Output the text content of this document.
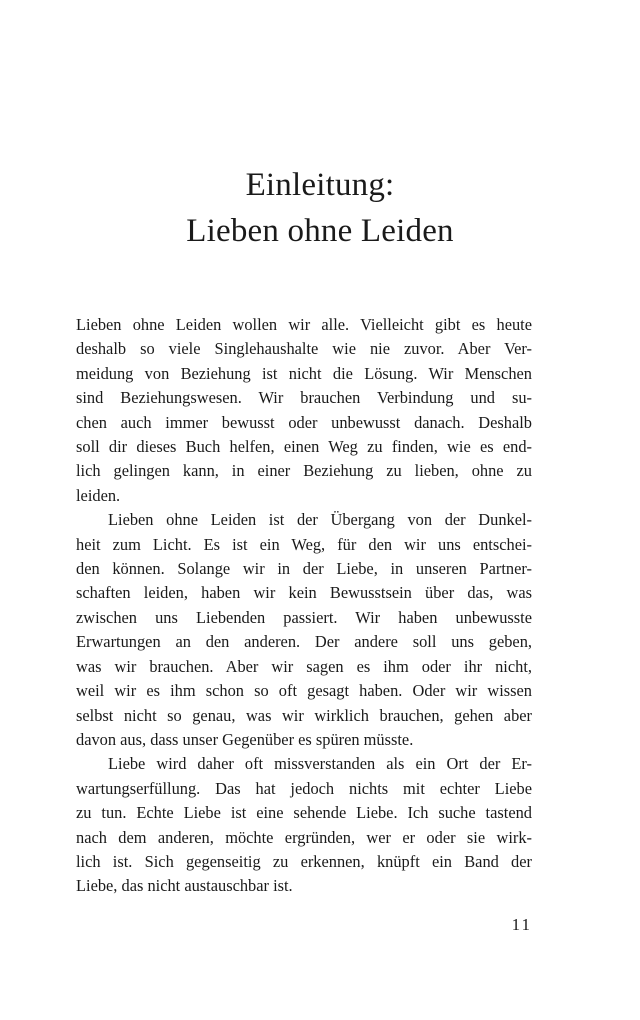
Einleitung:
Lieben ohne Leiden

Lieben ohne Leiden wollen wir alle. Vielleicht gibt es heute
deshalb so viele Singlehaushalte wie nie zuvor. Aber Ver-
meidung von Beziehung ist nicht die Lösung. Wir Menschen
sind Beziehungswesen. Wir brauchen Verbindung und su-
chen auch immer bewusst oder unbewusst danach. Deshalb
soll dir dieses Buch helfen, einen Weg zu finden, wie es end-
lich gelingen kann, in einer Beziehung zu lieben, ohne zu
leiden.

Lieben ohne Leiden ist der Übergang von der Dunkel-
heit zum Licht. Es ist ein Weg, für den wir uns entschei-
den können. Solange wir in der Liebe, in unseren Partner-
schaften leiden, haben wir kein Bewusstsein über das, was
zwischen uns Liebenden passiert. Wir haben unbewusste
Erwartungen an den anderen. Der andere soll uns geben,
was wir brauchen. Aber wir sagen es ihm oder ihr nicht,
weil wir es ihm schon so oft gesagt haben. Oder wir wissen
selbst nicht so genau, was wir wirklich brauchen, gehen aber
davon aus, dass unser Gegenüber es spüren müsste.

Liebe wird daher oft missverstanden als ein Ort der Er-
wartungserfüllung. Das hat jedoch nichts mit echter Liebe
zu tun. Echte Liebe ist eine sehende Liebe. Ich suche tastend
nach dem anderen, möchte ergründen, wer er oder sie wirk-
lich ist. Sich gegenseitig zu erkennen, knüpft ein Band der
Liebe, das nicht austauschbar ist.

11
